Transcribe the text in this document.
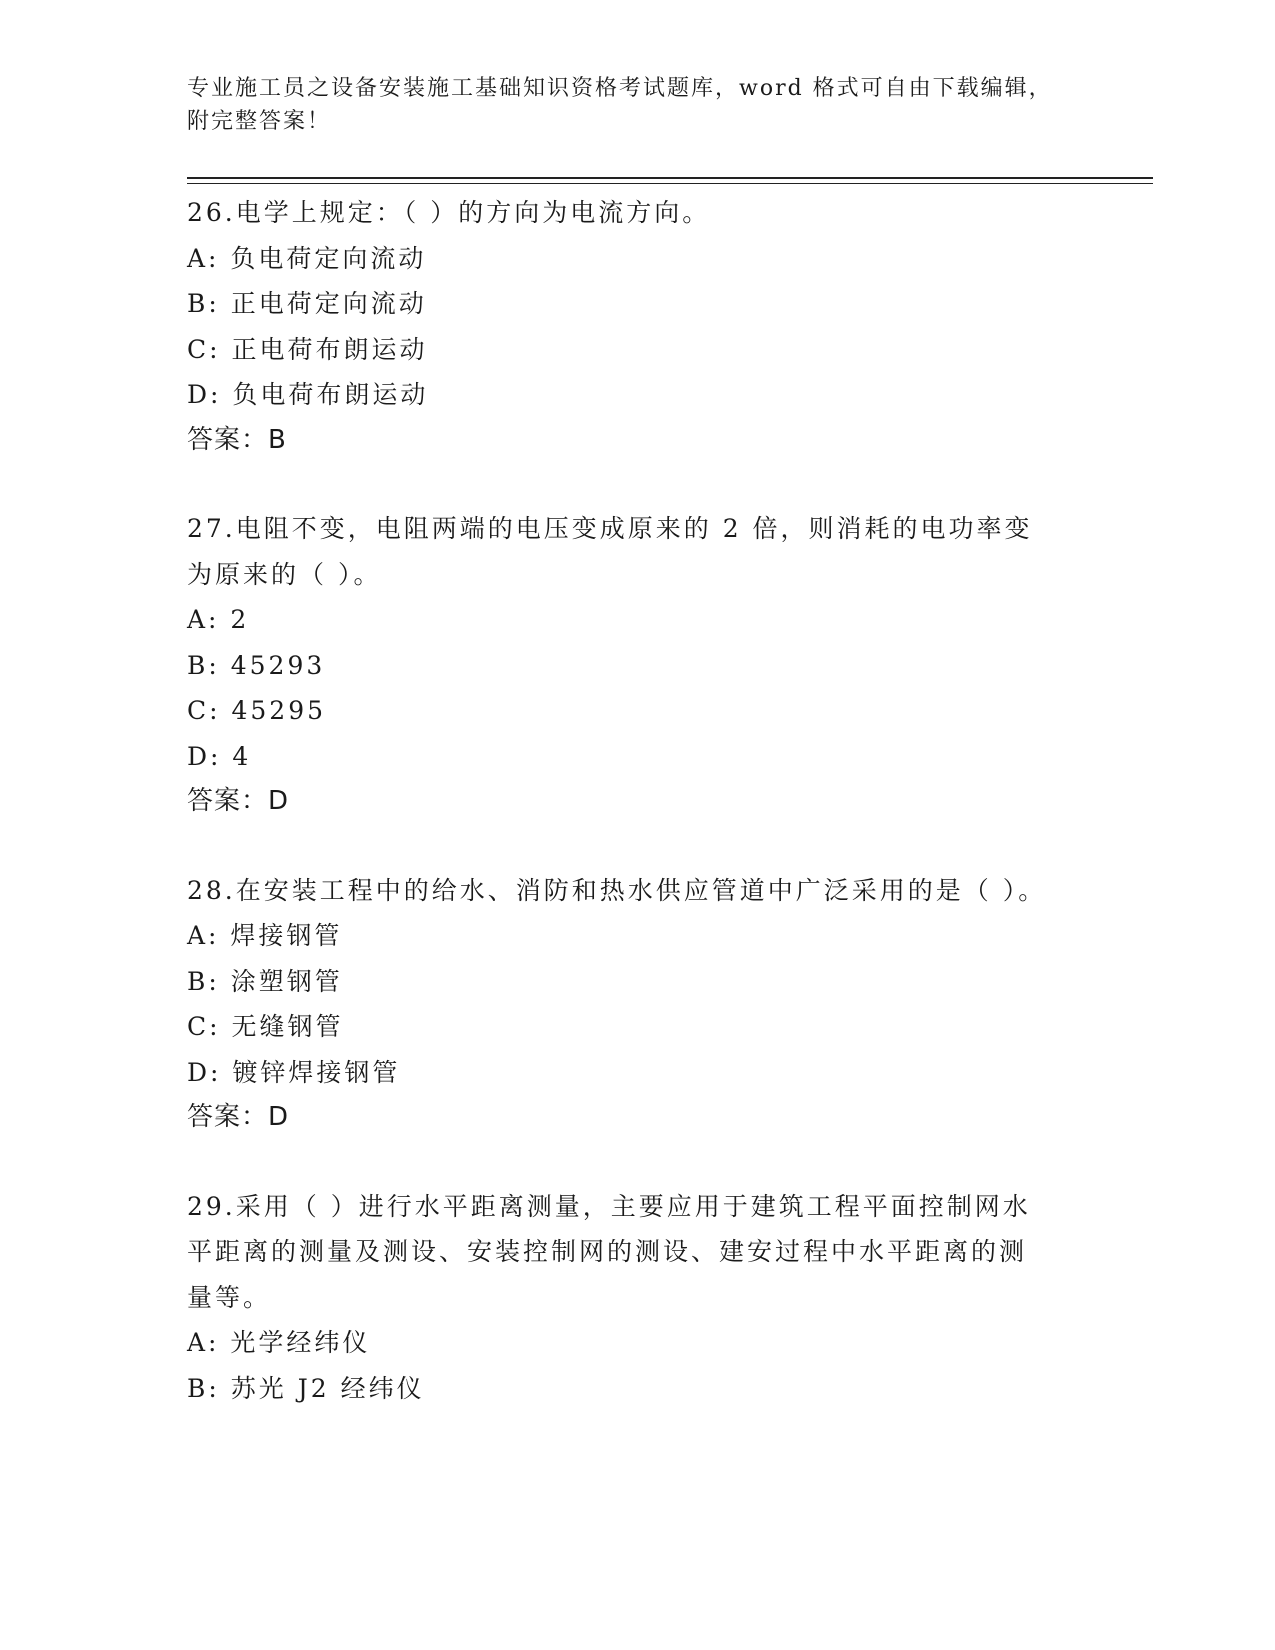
专业施工员之设备安装施工基础知识资格考试题库，word 格式可自由下载编辑，
附完整答案！
26.电学上规定：（ ）的方向为电流方向。
A: 负电荷定向流动
B: 正电荷定向流动
C: 正电荷布朗运动
D: 负电荷布朗运动
答案：B
27.电阻不变，电阻两端的电压变成原来的 2 倍，则消耗的电功率变为原来的（ ）。
A: 2
B: 45293
C: 45295
D: 4
答案：D
28.在安装工程中的给水、消防和热水供应管道中广泛采用的是（ ）。
A: 焊接钢管
B: 涂塑钢管
C: 无缝钢管
D: 镀锌焊接钢管
答案：D
29.采用（ ）进行水平距离测量，主要应用于建筑工程平面控制网水平距离的测量及测设、安装控制网的测设、建安过程中水平距离的测量等。
A: 光学经纬仪
B: 苏光 J2 经纬仪
